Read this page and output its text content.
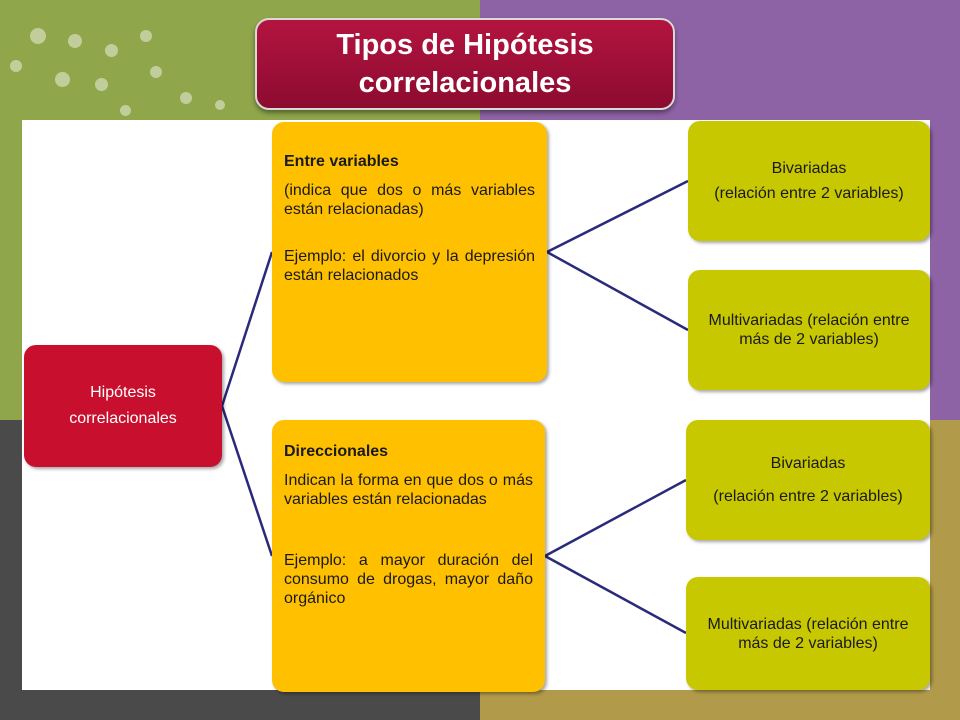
Tipos de Hipótesis correlacionales
Hipótesis
correlacionales
Entre variables

(indica que dos o más variables están relacionadas)

Ejemplo: el divorcio y la depresión están relacionados

Direccionales

Indican la forma en que dos o más variables están relacionadas

Ejemplo: a mayor duración del consumo de drogas, mayor daño orgánico

Bivariadas
(relación entre 2 variables)
Multivariadas (relación entre más de 2 variables)
Bivariadas
(relación entre 2 variables)
Multivariadas (relación entre más de 2 variables)
